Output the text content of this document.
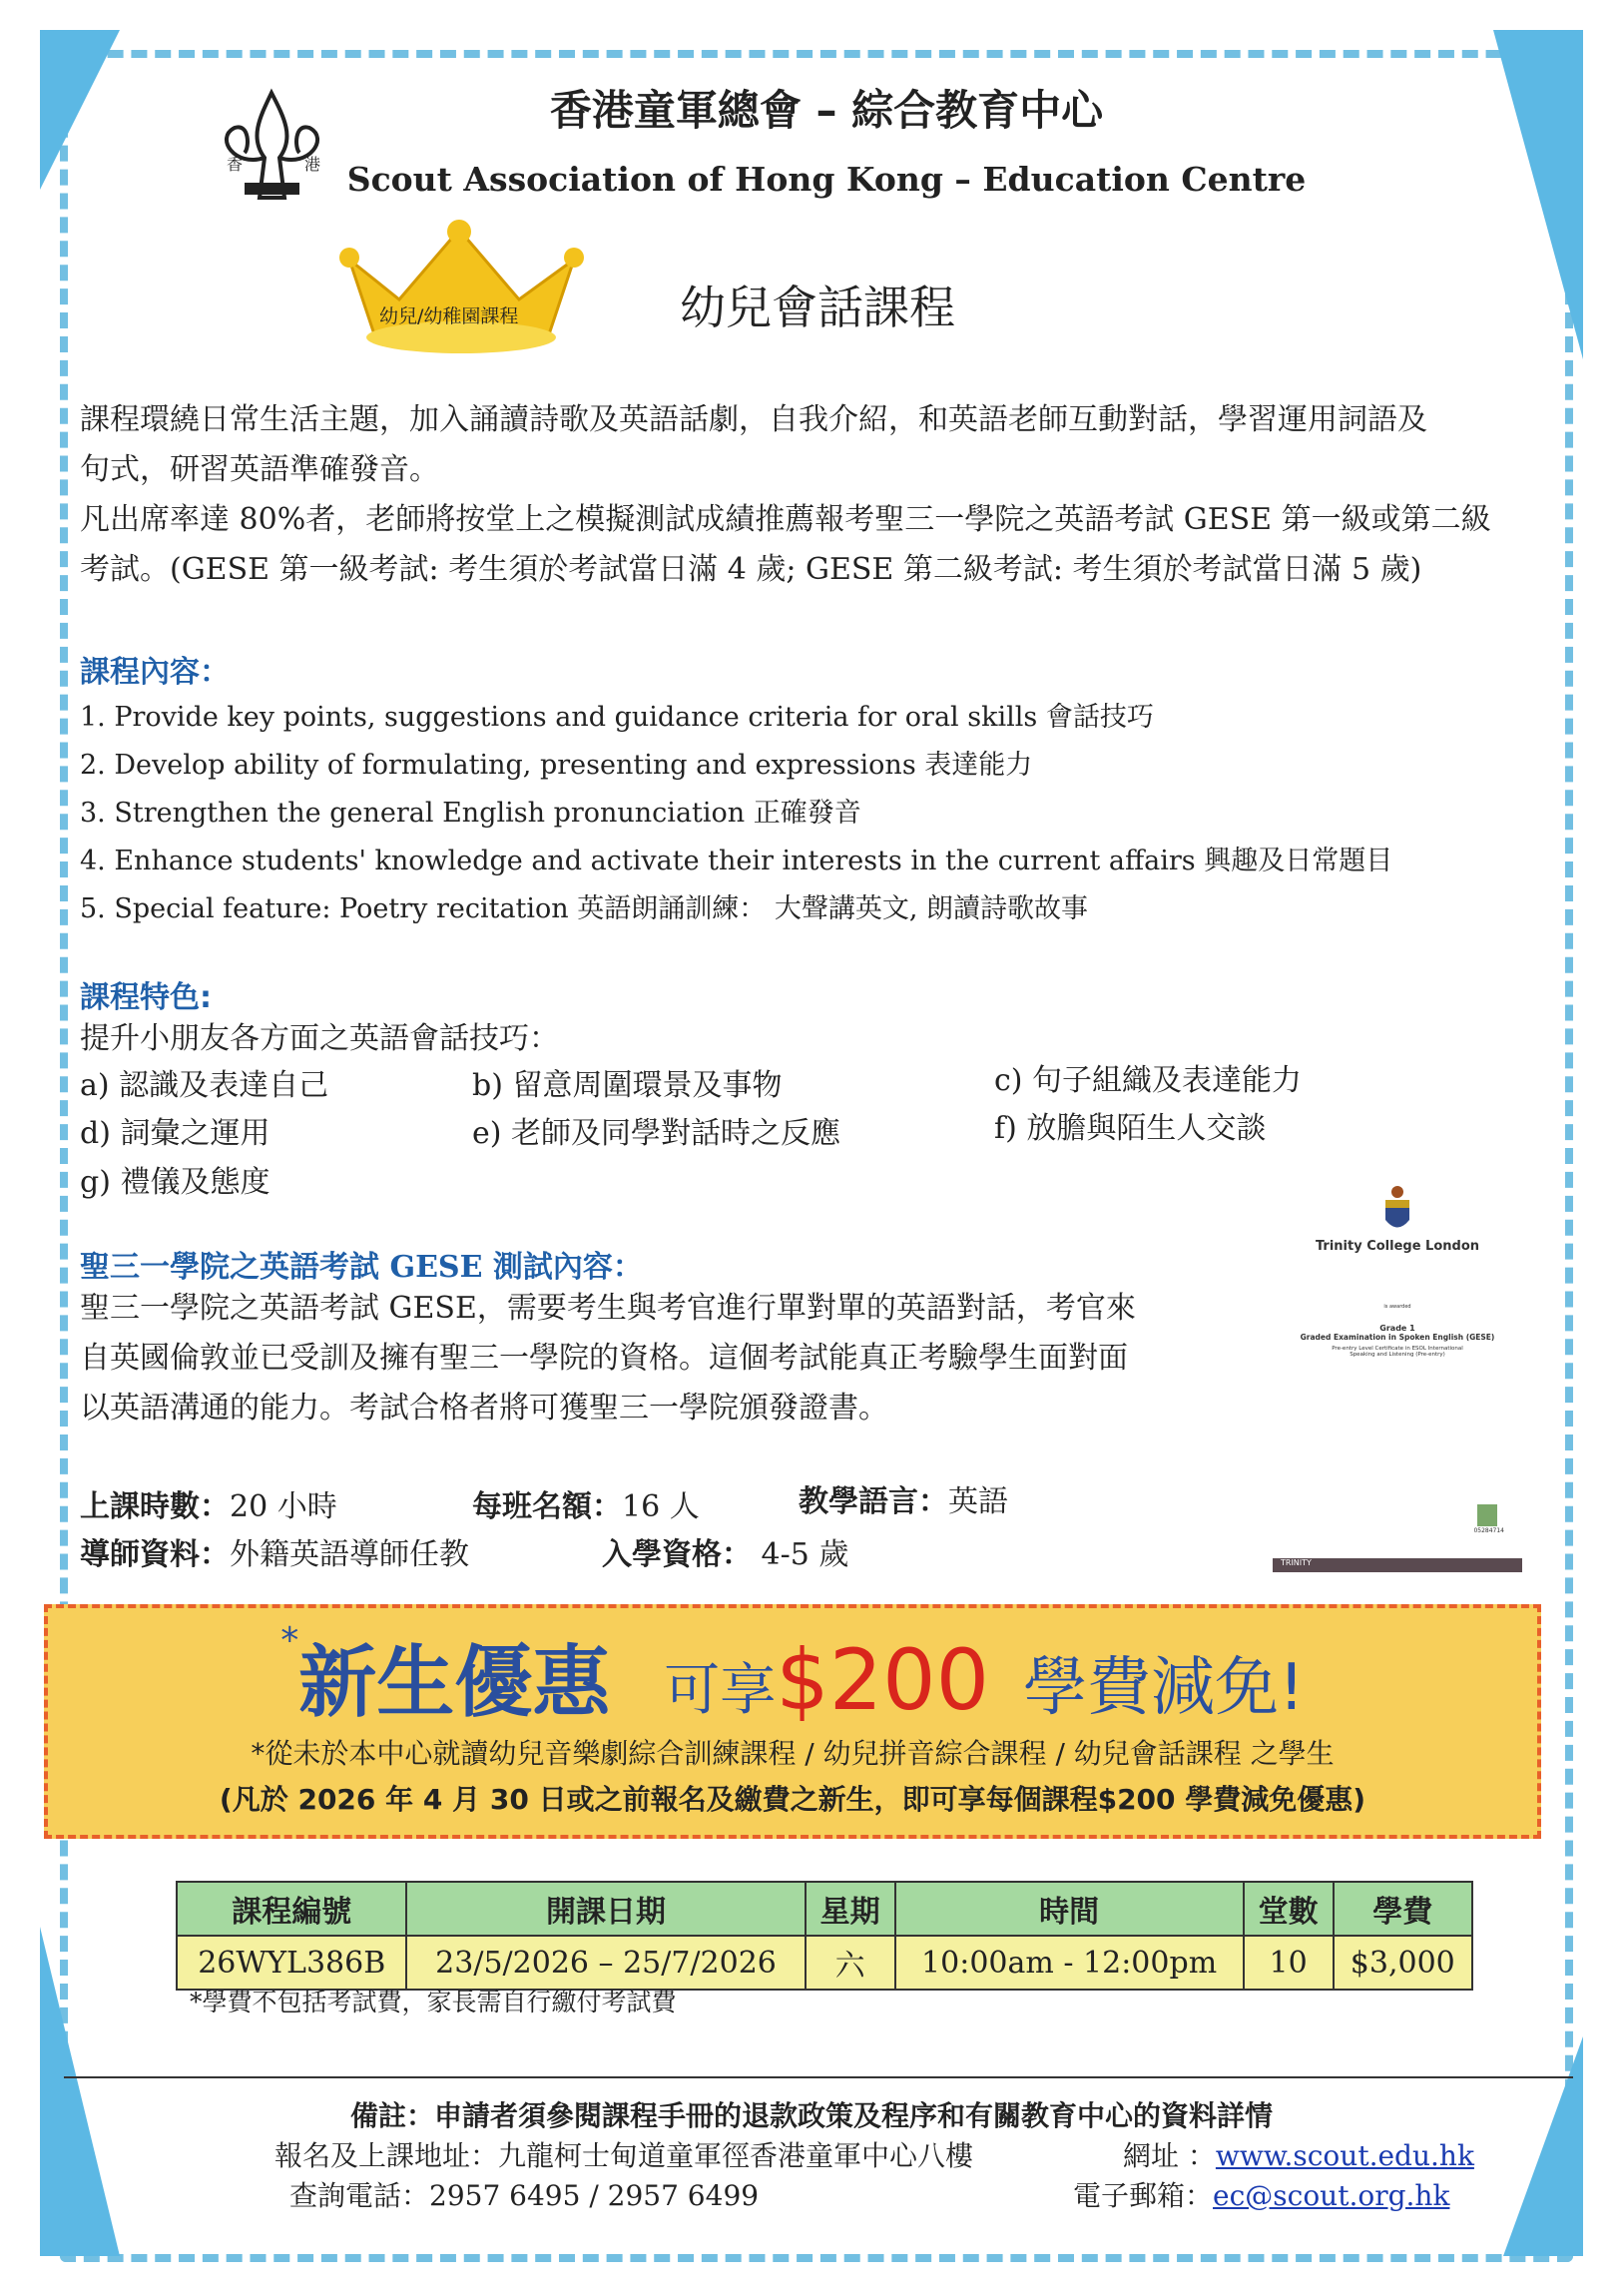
香	港
香港童軍總會 – 綜合教育中心
Scout Association of Hong Kong – Education Centre
幼兒/幼稚園課程	幼兒會話課程
課程環繞日常生活主題，加入誦讀詩歌及英語話劇，自我介紹，和英語老師互動對話，學習運用詞語及
句式，研習英語準確發音。
凡出席率達 80%者，老師將按堂上之模擬測試成績推薦報考聖三一學院之英語考試 GESE 第一級或第二級
考試。(GESE 第一級考試: 考生須於考試當日滿 4 歲; GESE 第二級考試: 考生須於考試當日滿 5 歲)
課程內容：
1. Provide key points, suggestions and guidance criteria for oral skills 會話技巧
2. Develop ability of formulating, presenting and expressions 表達能力
3. Strengthen the general English pronunciation 正確發音
4. Enhance students' knowledge and activate their interests in the current affairs 興趣及日常題目
5. Special feature: Poetry recitation 英語朗誦訓練： 大聲講英文, 朗讀詩歌故事
課程特色:
提升小朋友各方面之英語會話技巧：
a) 認識及表達自己	b) 留意周圍環景及事物	c) 句子組織及表達能力
d) 詞彙之運用	e) 老師及同學對話時之反應	f) 放膽與陌生人交談
g) 禮儀及態度
聖三一學院之英語考試 GESE 測試內容：
聖三一學院之英語考試 GESE，需要考生與考官進行單對單的英語對話，考官來
自英國倫敦並已受訓及擁有聖三一學院的資格。這個考試能真正考驗學生面對面
以英語溝通的能力。考試合格者將可獲聖三一學院頒發證書。
Trinity College London
is awarded
Grade 1
Graded Examination in Spoken English (GESE)
Pre-entry Level Certificate in ESOL International
Speaking and Listening (Pre-entry)
05284714
TRINITY
上課時數：20 小時	每班名額：16 人	教學語言：英語
導師資料：外籍英語導師任教	入學資格： 4-5 歲
*新生優惠 可享$200 學費減免!
*從未於本中心就讀幼兒音樂劇綜合訓練課程 / 幼兒拼音綜合課程 / 幼兒會話課程 之學生
(凡於 2026 年 4 月 30 日或之前報名及繳費之新生，即可享每個課程$200 學費減免優惠)
課程編號	開課日期	星期	時間	堂數	學費
26WYL386B	23/5/2026 – 25/7/2026	六	10:00am - 12:00pm	10	$3,000
*學費不包括考試費，家長需自行繳付考試費
備註：申請者須參閱課程手冊的退款政策及程序和有關教育中心的資料詳情
報名及上課地址：九龍柯士甸道童軍徑香港童軍中心八樓
查詢電話：2957 6495 / 2957 6499
網址 ：www.scout.edu.hk
電子郵箱：ec@scout.org.hk
